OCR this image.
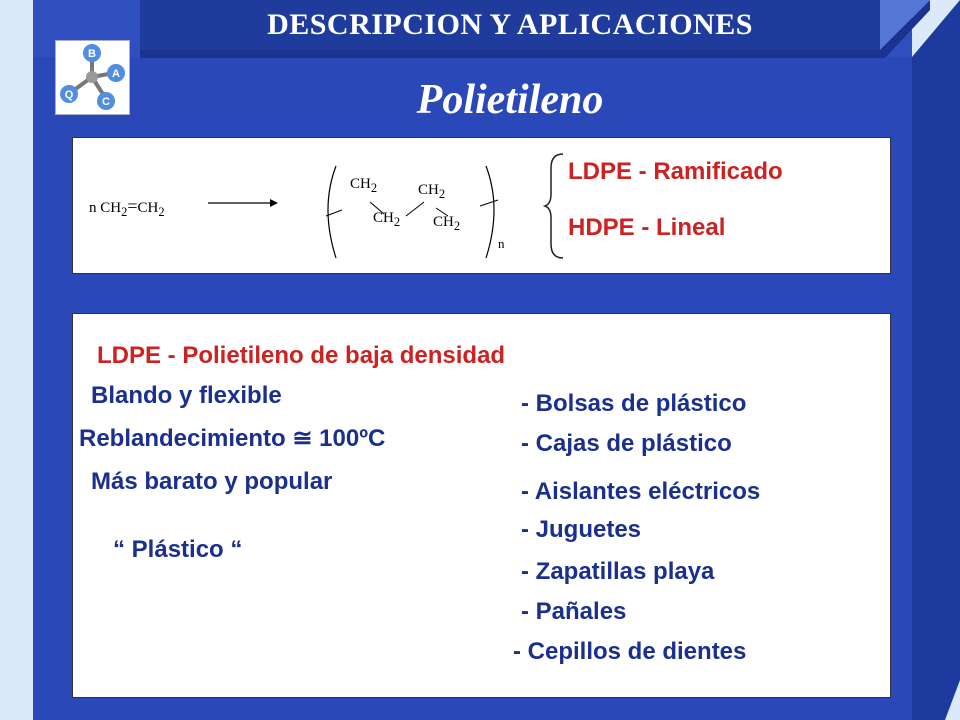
DESCRIPCION Y APLICACIONES
Polietileno
B
A
C
Q
n $CH_2=CH_2$
$CH_2$
$CH_2$
$CH_2$
$CH_2$
n
LDPE - Ramificado
HDPE - Lineal
LDPE - Polietileno de baja densidad
Blando y flexible
Reblandecimiento ≅ 100ºC
Más barato y popular
“ Plástico “
- Bolsas de plástico
- Cajas de plástico
- Aislantes eléctricos
- Juguetes
- Zapatillas playa
- Pañales
- Cepillos de dientes
